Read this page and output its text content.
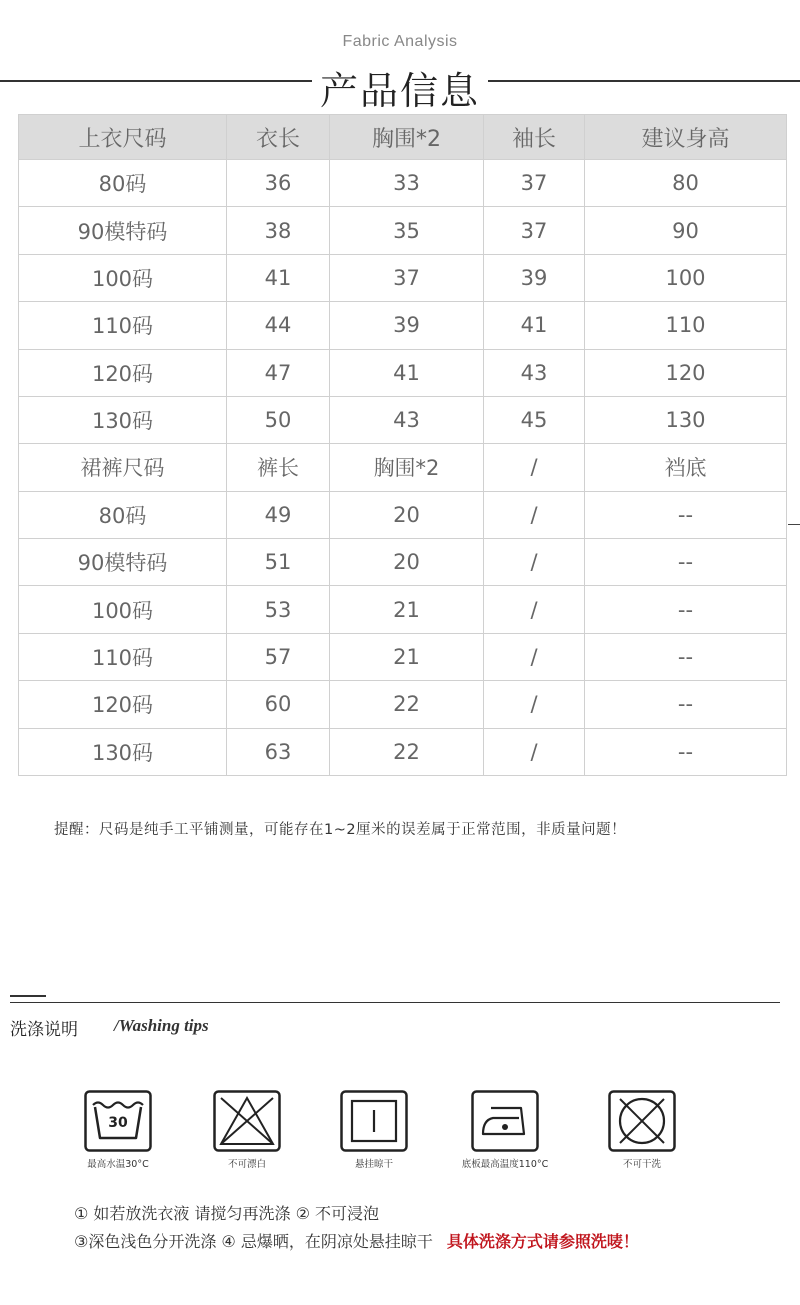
Fabric Analysis
产品信息
上衣尺码	衣长	胸围*2	袖长	建议身高
80码	36	33	37	80
90模特码	38	35	37	90
100码	41	37	39	100
110码	44	39	41	110
120码	47	41	43	120
130码	50	43	45	130
裙裤尺码	裤长	胸围*2	/	裆底
80码	49	20	/	--
90模特码	51	20	/	--
100码	53	21	/	--
110码	57	21	/	--
120码	60	22	/	--
130码	63	22	/	--
提醒：尺码是纯手工平铺测量，可能存在1~2厘米的误差属于正常范围，非质量问题！
洗涤说明 /Washing tips
30
最高水温30°C	不可漂白	悬挂晾干	底板最高温度110°C	不可干洗
① 如若放洗衣液 请搅匀再洗涤 ② 不可浸泡
③深色浅色分开洗涤 ④ 忌爆晒，在阴凉处悬挂晾干 具体洗涤方式请参照洗唛！
